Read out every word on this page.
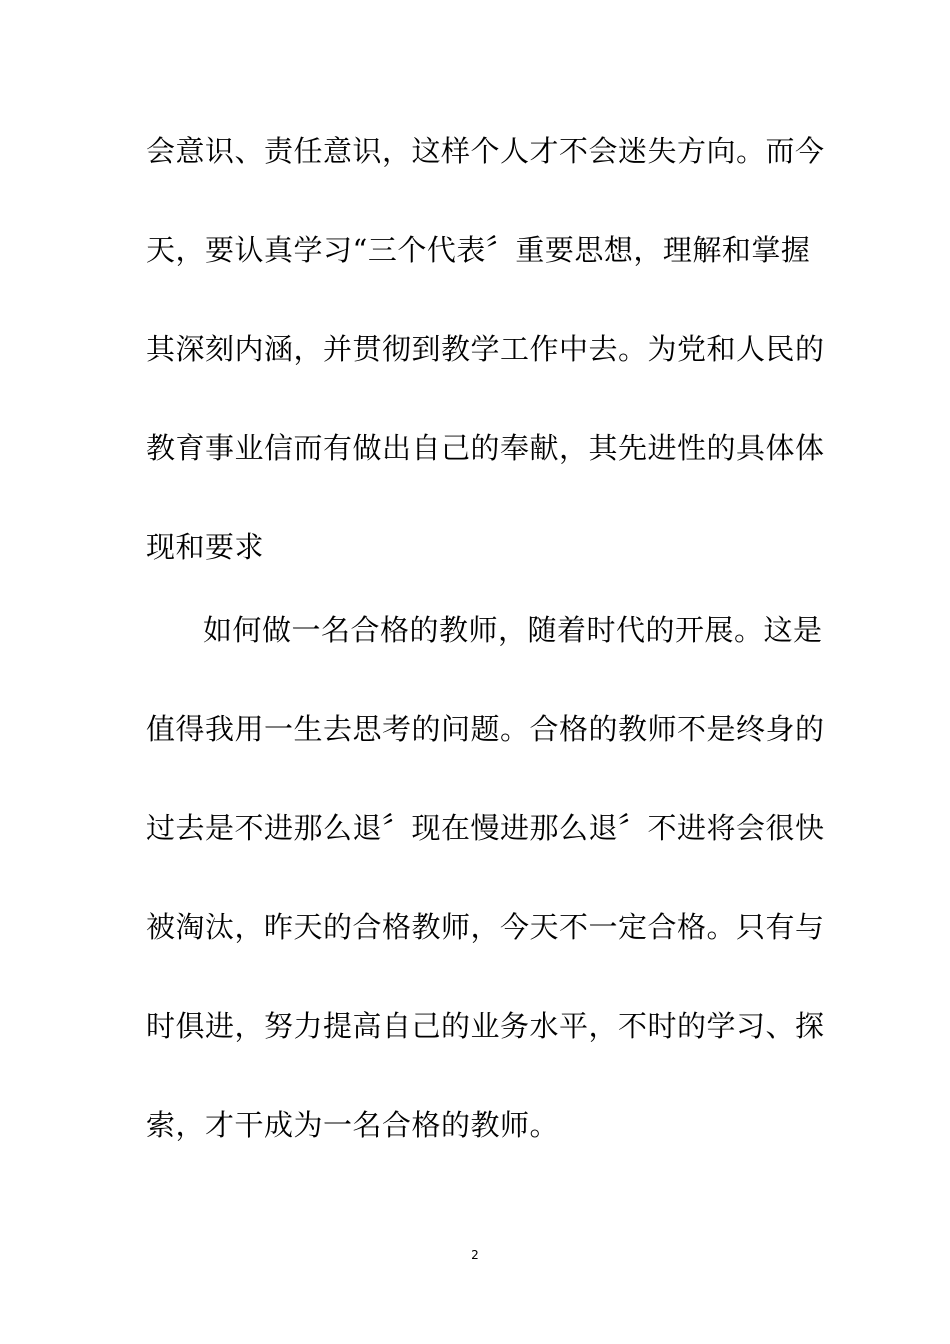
会意识、责任意识，这样个人才不会迷失方向。而今
天，要认真学习“三个代表〞重要思想，理解和掌握
其深刻内涵，并贯彻到教学工作中去。为党和人民的
教育事业信而有做出自己的奉献，其先进性的具体体
现和要求
如何做一名合格的教师，随着时代的开展。这是
值得我用一生去思考的问题。合格的教师不是终身的
过去是不进那么退〞现在慢进那么退〞不进将会很快
被淘汰，昨天的合格教师，今天不一定合格。只有与
时俱进，努力提高自己的业务水平，不时的学习、探
索，才干成为一名合格的教师。
2
